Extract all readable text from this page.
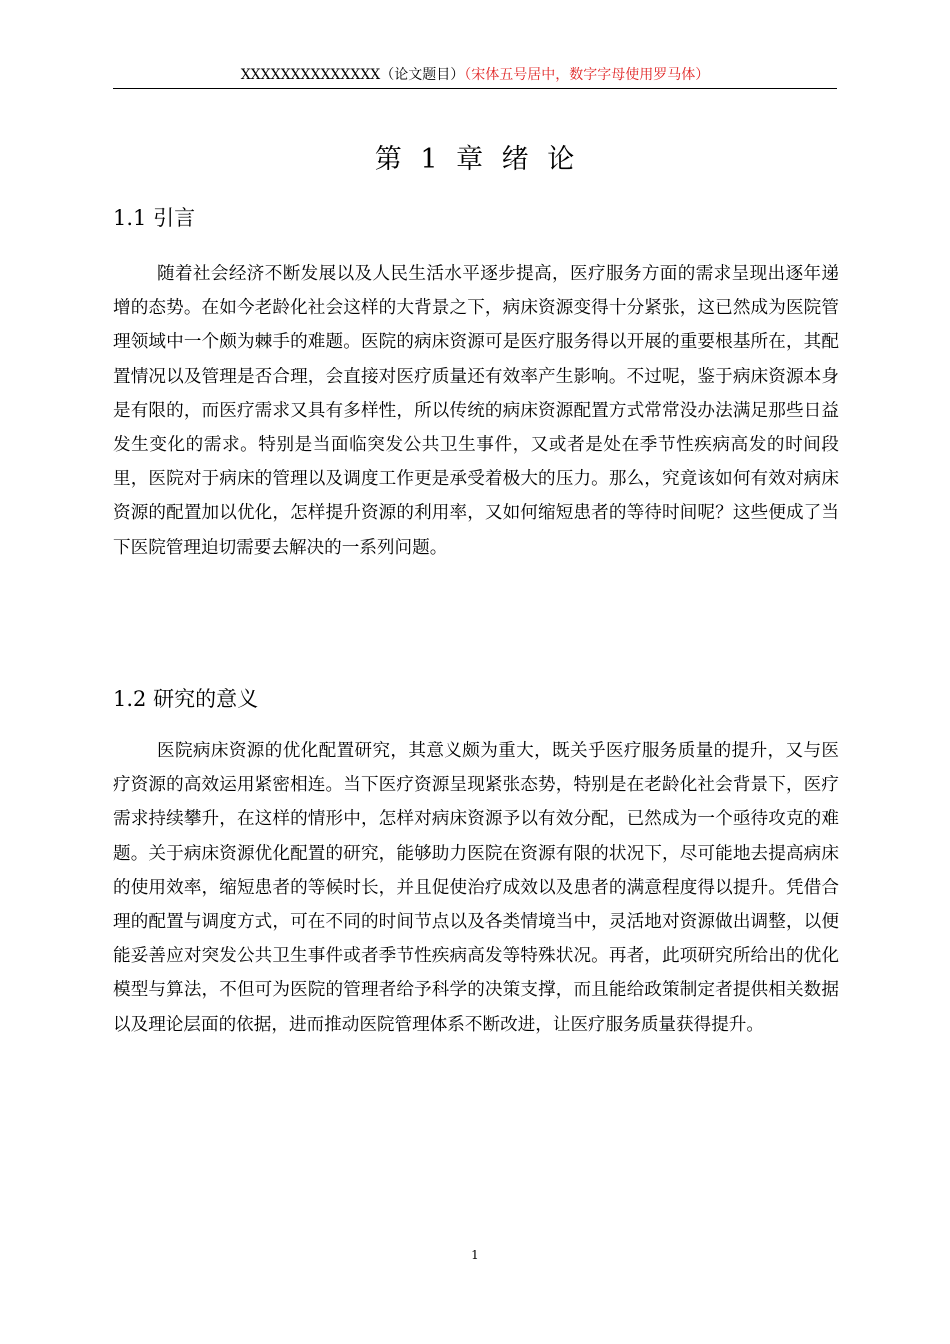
XXXXXXXXXXXXXX（论文题目）（宋体五号居中，数字字母使用罗马体）
第 1 章 绪 论
1.1 引言

随着社会经济不断发展以及人民生活水平逐步提高，医疗服务方面的需求呈现出逐年递增的态势。在如今老龄化社会这样的大背景之下，病床资源变得十分紧张，这已然成为医院管理领域中一个颇为棘手的难题。医院的病床资源可是医疗服务得以开展的重要根基所在，其配置情况以及管理是否合理，会直接对医疗质量还有效率产生影响。不过呢，鉴于病床资源本身是有限的，而医疗需求又具有多样性，所以传统的病床资源配置方式常常没办法满足那些日益发生变化的需求。特别是当面临突发公共卫生事件，又或者是处在季节性疾病高发的时间段里，医院对于病床的管理以及调度工作更是承受着极大的压力。那么，究竟该如何有效对病床资源的配置加以优化，怎样提升资源的利用率，又如何缩短患者的等待时间呢？这些便成了当下医院管理迫切需要去解决的一系列问题。

1.2 研究的意义

医院病床资源的优化配置研究，其意义颇为重大，既关乎医疗服务质量的提升，又与医疗资源的高效运用紧密相连。当下医疗资源呈现紧张态势，特别是在老龄化社会背景下，医疗需求持续攀升，在这样的情形中，怎样对病床资源予以有效分配，已然成为一个亟待攻克的难题。关于病床资源优化配置的研究，能够助力医院在资源有限的状况下，尽可能地去提高病床的使用效率，缩短患者的等候时长，并且促使治疗成效以及患者的满意程度得以提升。凭借合理的配置与调度方式，可在不同的时间节点以及各类情境当中，灵活地对资源做出调整，以便能妥善应对突发公共卫生事件或者季节性疾病高发等特殊状况。再者，此项研究所给出的优化模型与算法，不但可为医院的管理者给予科学的决策支撑，而且能给政策制定者提供相关数据以及理论层面的依据，进而推动医院管理体系不断改进，让医疗服务质量获得提升。

1
